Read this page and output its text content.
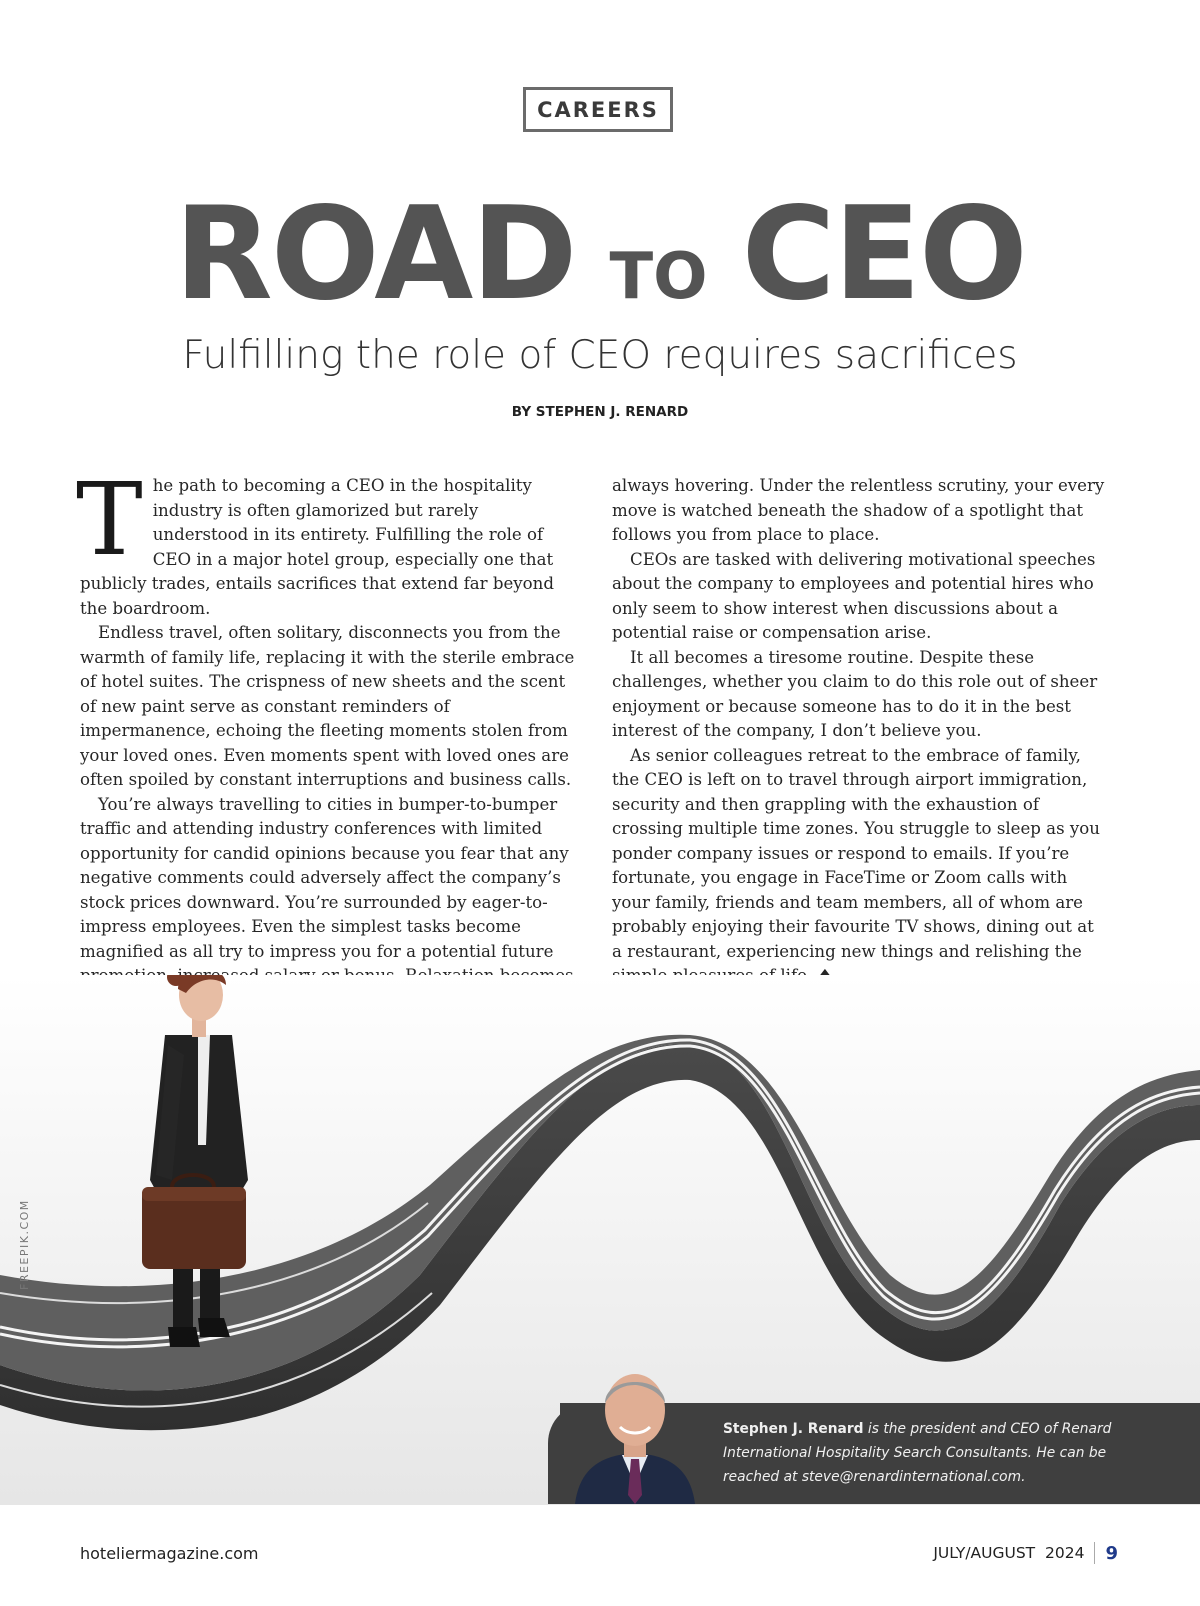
CAREERS
ROAD TO CEO
Fulfilling the role of CEO requires sacrifices
BY STEPHEN J. RENARD
T he path to becoming a CEO in the hospitality industry is often glamorized but rarely understood in its entirety. Fulfilling the role of CEO in a major hotel group, especially one that publicly trades, entails sacrifices that extend far beyond the boardroom.

Endless travel, often solitary, disconnects you from the warmth of family life, replacing it with the sterile embrace of hotel suites. The crispness of new sheets and the scent of new paint serve as constant reminders of impermanence, echoing the fleeting moments stolen from your loved ones. Even moments spent with loved ones are often spoiled by constant interruptions and business calls.

You’re always travelling to cities in bumper-to-bumper traffic and attending industry conferences with limited opportunity for candid opinions because you fear that any negative comments could adversely affect the company’s stock prices downward. You’re surrounded by eager-to-impress employees. Even the simplest tasks become magnified as all try to impress you for a potential future

always hovering. Under the relentless scrutiny, your every move is watched beneath the shadow of a spotlight that follows you from place to place.

CEOs are tasked with delivering motivational speeches about the company to employees and potential hires who only seem to show interest when discussions about a potential raise or compensation arise.

It all becomes a tiresome routine. Despite these challenges, whether you claim to do this role out of sheer enjoyment or because someone has to do it in the best interest of the company, I don’t believe you.

As senior colleagues retreat to the embrace of family, the CEO is left on to travel through airport immigration, security and then grappling with the exhaustion of crossing multiple time zones. You struggle to sleep as you ponder company issues or respond to emails. If you’re fortunate, you engage in FaceTime or Zoom calls with your family, friends and team members, all of whom are probably enjoying their favourite TV shows, dining out at a restaurant, experiencing new things and relishing the

FREEPIK.COM
Stephen J. Renard is the president and CEO of Renard International Hospitality Search Consultants. He can be reached at steve@renardinternational.com.
hoteliermagazine.com	JULY/AUGUST  2024 9
